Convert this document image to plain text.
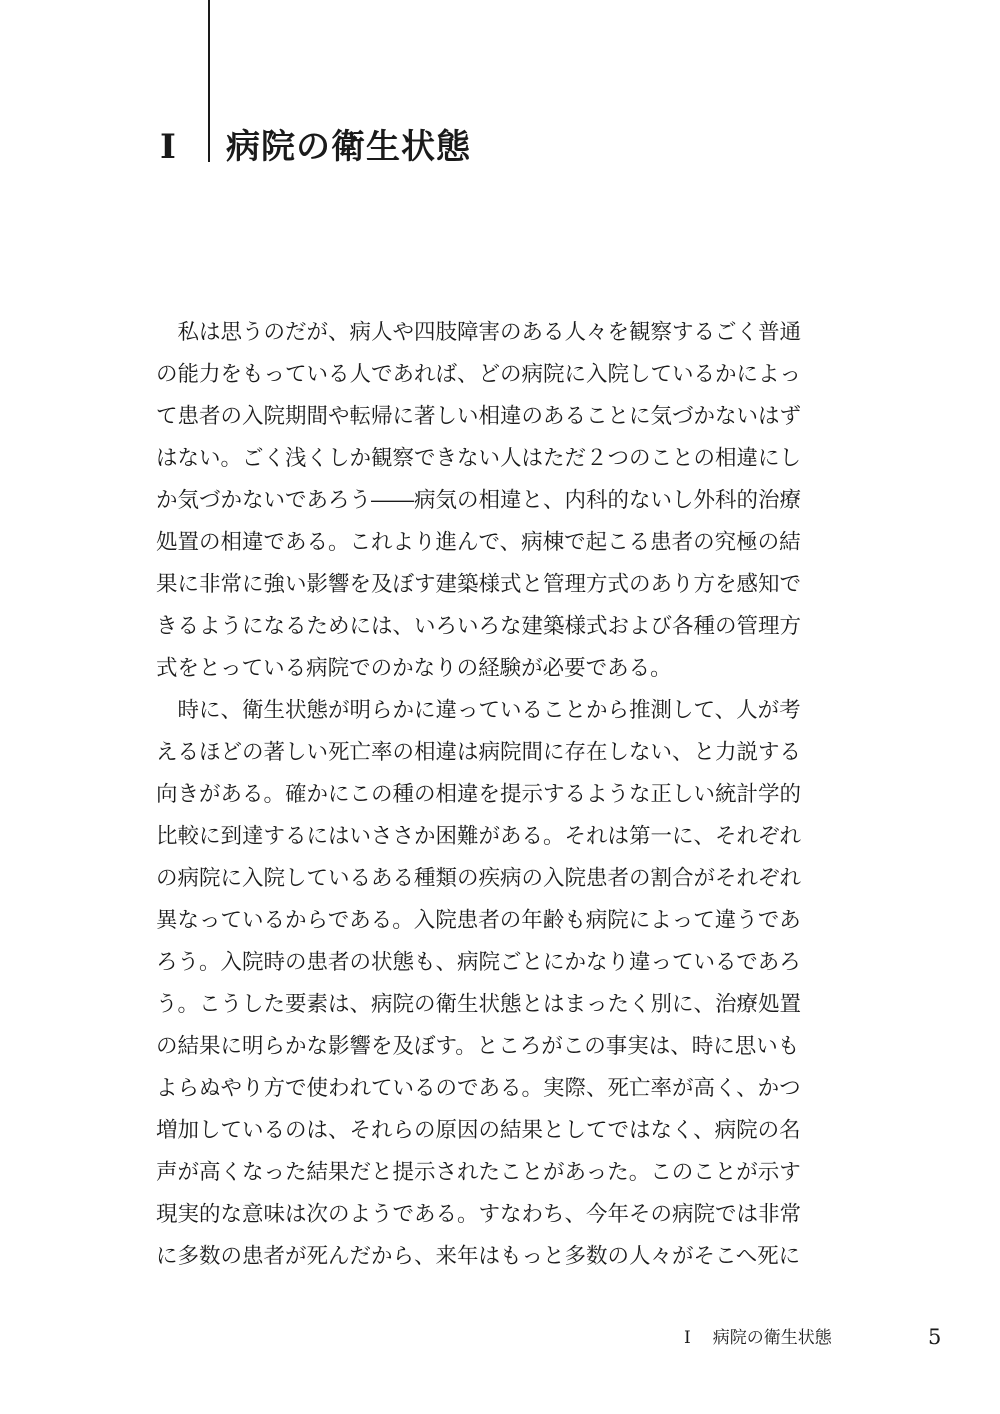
I	病院の衛生状態
　私は思うのだが、病人や四肢障害のある人々を観察するごく普通
の能力をもっている人であれば、どの病院に入院しているかによっ
て患者の入院期間や転帰に著しい相違のあることに気づかないはず
はない。ごく浅くしか観察できない人はただ２つのことの相違にし
か気づかないであろう――病気の相違と、内科的ないし外科的治療
処置の相違である。これより進んで、病棟で起こる患者の究極の結
果に非常に強い影響を及ぼす建築様式と管理方式のあり方を感知で
きるようになるためには、いろいろな建築様式および各種の管理方
式をとっている病院でのかなりの経験が必要である。
　時に、衛生状態が明らかに違っていることから推測して、人が考
えるほどの著しい死亡率の相違は病院間に存在しない、と力説する
向きがある。確かにこの種の相違を提示するような正しい統計学的
比較に到達するにはいささか困難がある。それは第一に、それぞれ
の病院に入院しているある種類の疾病の入院患者の割合がそれぞれ
異なっているからである。入院患者の年齢も病院によって違うであ
ろう。入院時の患者の状態も、病院ごとにかなり違っているであろ
う。こうした要素は、病院の衛生状態とはまったく別に、治療処置
の結果に明らかな影響を及ぼす。ところがこの事実は、時に思いも
よらぬやり方で使われているのである。実際、死亡率が高く、かつ
増加しているのは、それらの原因の結果としてではなく、病院の名
声が高くなった結果だと提示されたことがあった。このことが示す
現実的な意味は次のようである。すなわち、今年その病院では非常
に多数の患者が死んだから、来年はもっと多数の人々がそこへ死に
I 病院の衛生状態	5
